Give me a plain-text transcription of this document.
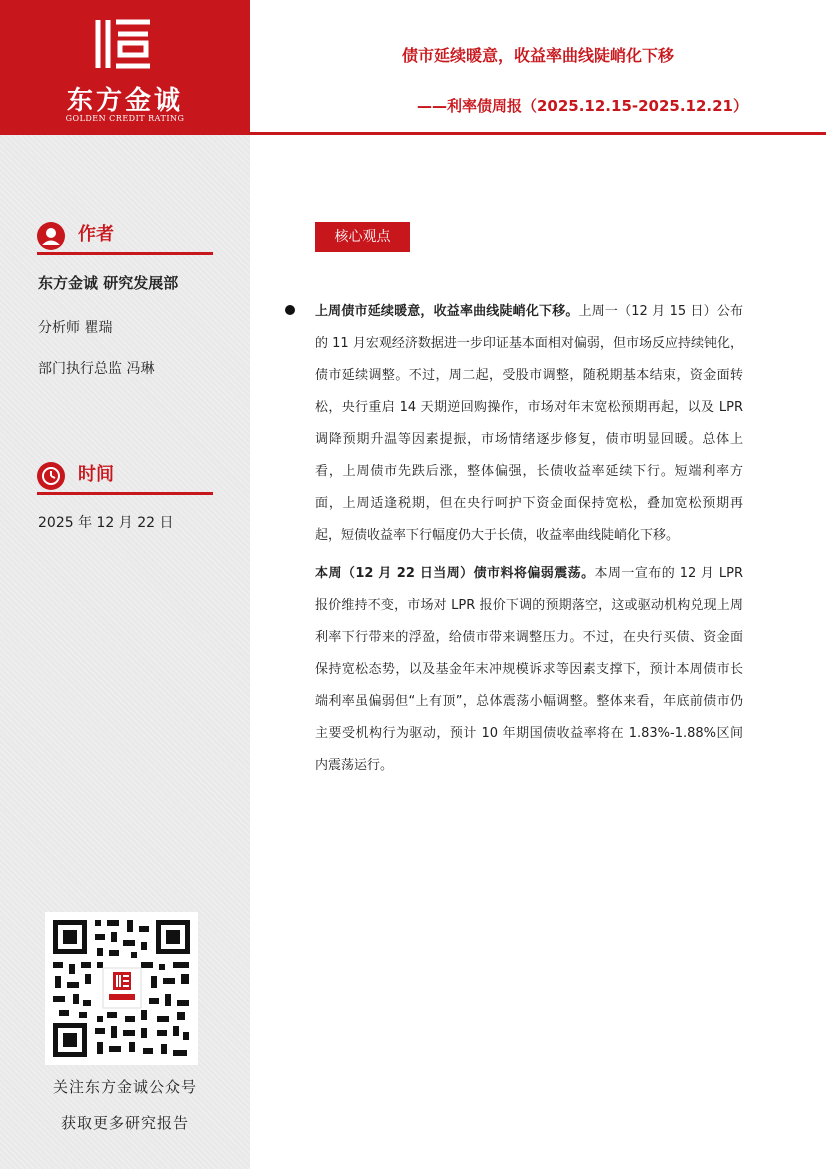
东方金诚
GOLDEN CREDIT RATING
债市延续暖意，收益率曲线陡峭化下移
——利率债周报（2025.12.15-2025.12.21）
作者
东方金诚 研究发展部
分析师 瞿瑞
部门执行总监 冯琳
时间
2025 年 12 月 22 日
关注东方金诚公众号
获取更多研究报告
核心观点

上周债市延续暖意，收益率曲线陡峭化下移。上周一（12 月 15 日）公布的 11 月宏观经济数据进一步印证基本面相对偏弱，但市场反应持续钝化，债市延续调整。不过，周二起，受股市调整，随税期基本结束，资金面转松，央行重启 14 天期逆回购操作，市场对年末宽松预期再起，以及 LPR 调降预期升温等因素提振，市场情绪逐步修复，债市明显回暖。总体上看，上周债市先跌后涨，整体偏强，长债收益率延续下行。短端利率方面，上周适逢税期，但在央行呵护下资金面保持宽松，叠加宽松预期再起，短债收益率下行幅度仍大于长债，收益率曲线陡峭化下移。

本周（12 月 22 日当周）债市料将偏弱震荡。本周一宣布的 12 月 LPR 报价维持不变，市场对 LPR 报价下调的预期落空，这或驱动机构兑现上周利率下行带来的浮盈，给债市带来调整压力。不过，在央行买债、资金面保持宽松态势，以及基金年末冲规模诉求等因素支撑下，预计本周债市长端利率虽偏弱但“上有顶”，总体震荡小幅调整。整体来看，年底前债市仍主要受机构行为驱动，预计 10 年期国债收益率将在 1.83%-1.88%区间内震荡运行。
